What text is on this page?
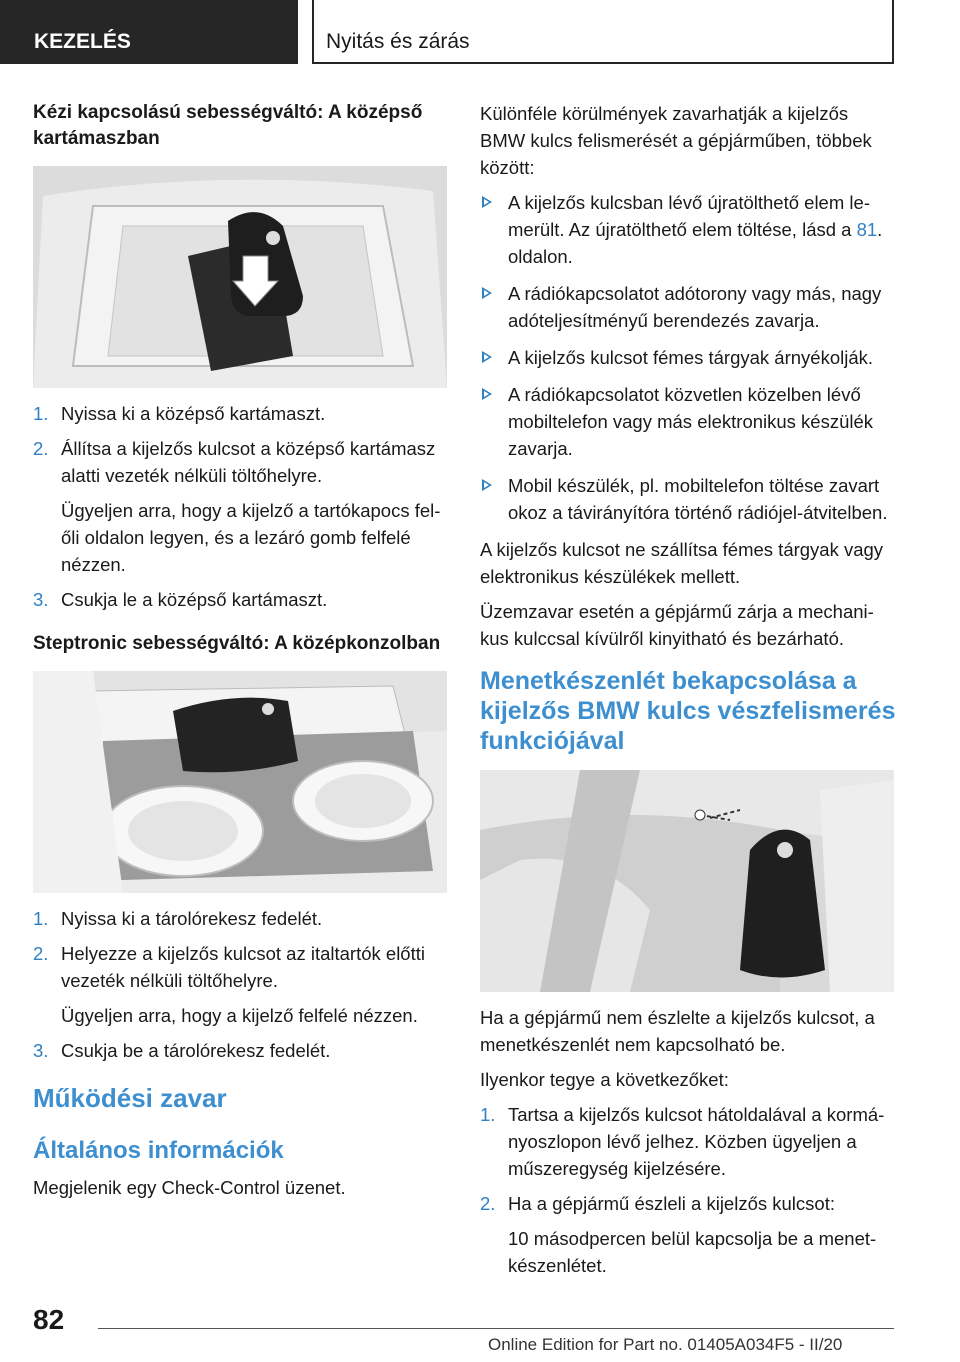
KEZELÉS	Nyitás és zárás
Kézi kapcsolású sebességváltó: A középső kartámaszban
1. Nyissa ki a középső kartámaszt.
2. Állítsa a kijelzős kulcsot a középső kartámasz alatti vezeték nélküli töltőhelyre.
Ügyeljen arra, hogy a kijelző a tartókapocs fel őli oldalon legyen, és a lezáró gomb felfelé nézzen.
3. Csukja le a középső kartámaszt.
Steptronic sebességváltó: A középkonzolban
1. Nyissa ki a tárolórekesz fedelét.
2. Helyezze a kijelzős kulcsot az italtartók előtti vezeték nélküli töltőhelyre.
Ügyeljen arra, hogy a kijelző felfelé nézzen.
3. Csukja be a tárolórekesz fedelét.
Működési zavar
Általános információk

Megjelenik egy Check-Control üzenet.

Különféle körülmények zavarhatják a kijelzős BMW kulcs felismerését a gépjárműben, többek között:

A kijelzős kulcsban lévő újratölthető elem lemerült. Az újratölthető elem töltése, lásd a 81. oldalon.
A rádiókapcsolatot adótorony vagy más, nagy adóteljesítményű berendezés zavarja.
A kijelzős kulcsot fémes tárgyak árnyékolják.
A rádiókapcsolatot közvetlen közelben lévő mobiltelefon vagy más elektronikus készülék zavarja.
Mobil készülék, pl. mobiltelefon töltése zavart okoz a távirányítóra történő rádiójel-átvitelben.

A kijelzős kulcsot ne szállítsa fémes tárgyak vagy elektronikus készülékek mellett.

Üzemzavar esetén a gépjármű zárja a mechanikus kulccsal kívülről kinyitható és bezárható.

Menetkészenlét bekapcsolása a kijelzős BMW kulcs vészfelismerés funkciójával

Ha a gépjármű nem észlelte a kijelzős kulcsot, a menetkészenlét nem kapcsolható be.

Ilyenkor tegye a következőket:

1. Tartsa a kijelzős kulcsot hátoldalával a kormányoszlopon lévő jelhez. Közben ügyeljen a műszeregység kijelzésére.
2. Ha a gépjármű észleli a kijelzős kulcsot:
10 másodpercen belül kapcsolja be a menetkészenlétet.
82
Online Edition for Part no. 01405A034F5 - II/20
